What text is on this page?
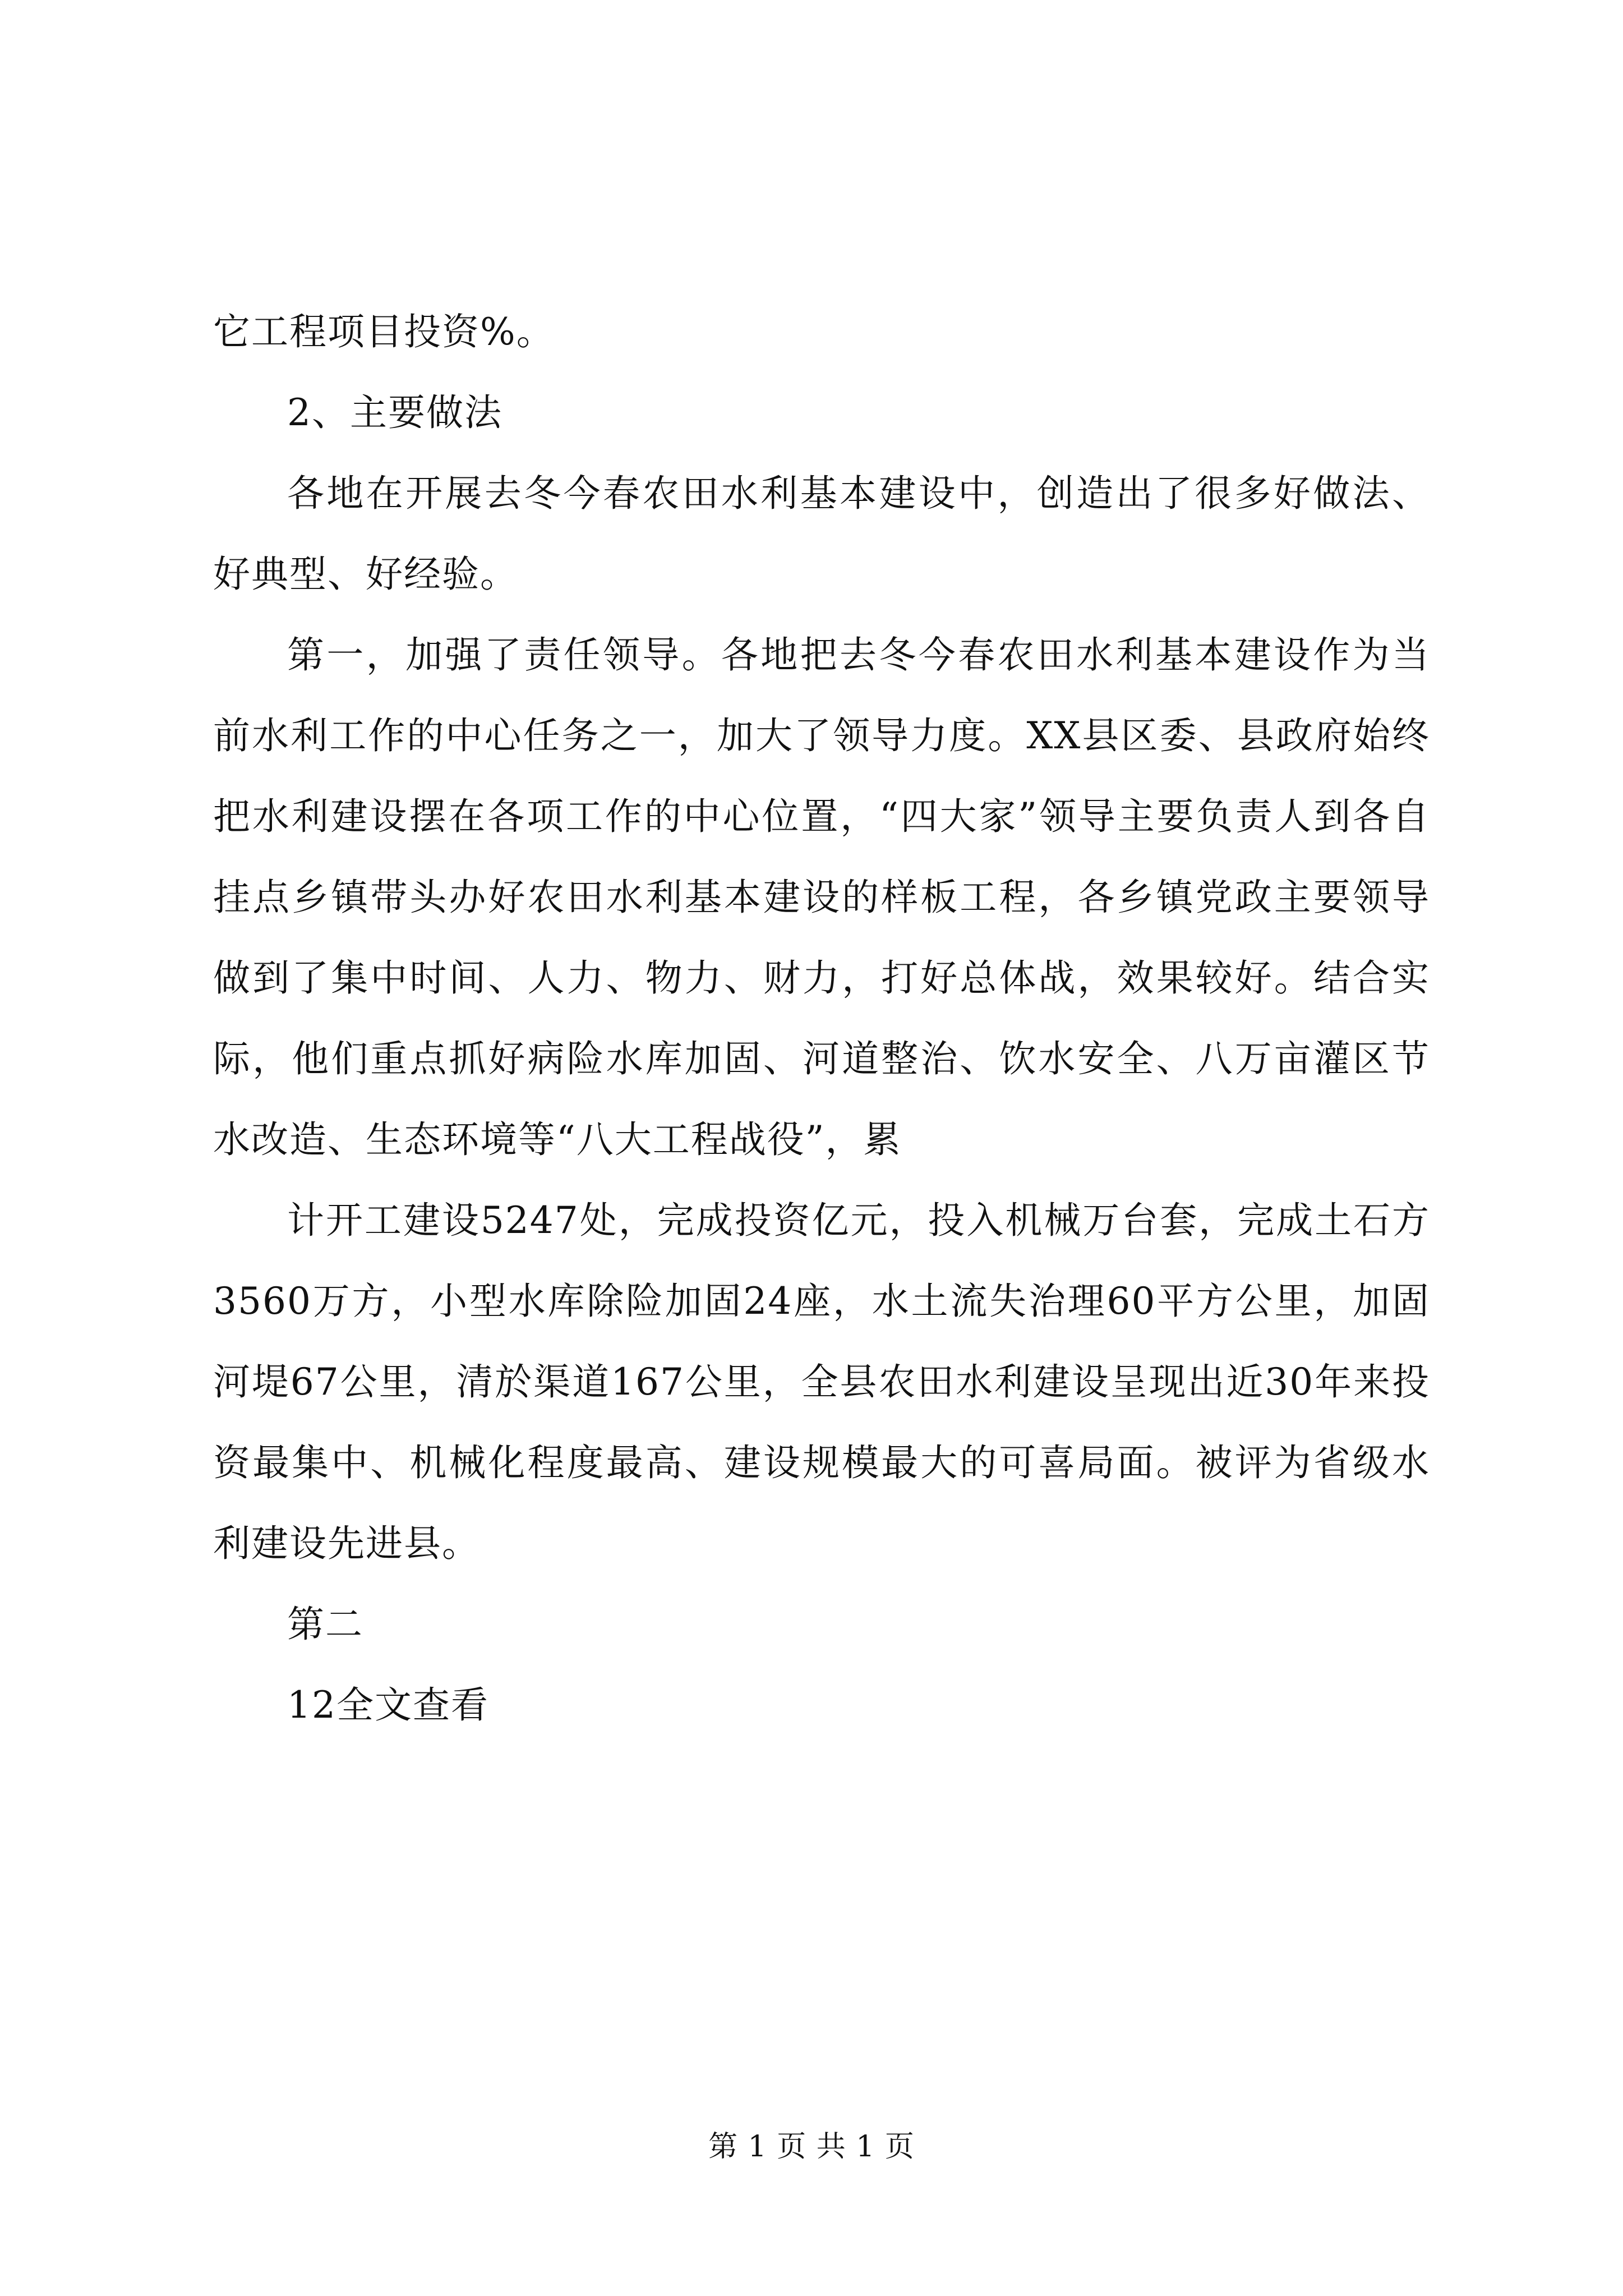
它工程项目投资%。

2、主要做法

各地在开展去冬今春农田水利基本建设中，创造出了很多好做法、好典型、好经验。

第一，加强了责任领导。各地把去冬今春农田水利基本建设作为当前水利工作的中心任务之一，加大了领导力度。XX县区委、县政府始终把水利建设摆在各项工作的中心位置，“四大家”领导主要负责人到各自挂点乡镇带头办好农田水利基本建设的样板工程，各乡镇党政主要领导做到了集中时间、人力、物力、财力，打好总体战，效果较好。结合实际，他们重点抓好病险水库加固、河道整治、饮水安全、八万亩灌区节水改造、生态环境等“八大工程战役”，累

计开工建设5247处，完成投资亿元，投入机械万台套，完成土石方3560万方，小型水库除险加固24座，水土流失治理60平方公里，加固河堤67公里，清於渠道167公里，全县农田水利建设呈现出近30年来投资最集中、机械化程度最高、建设规模最大的可喜局面。被评为省级水利建设先进县。

第二

12全文查看

第 1 页 共 1 页
